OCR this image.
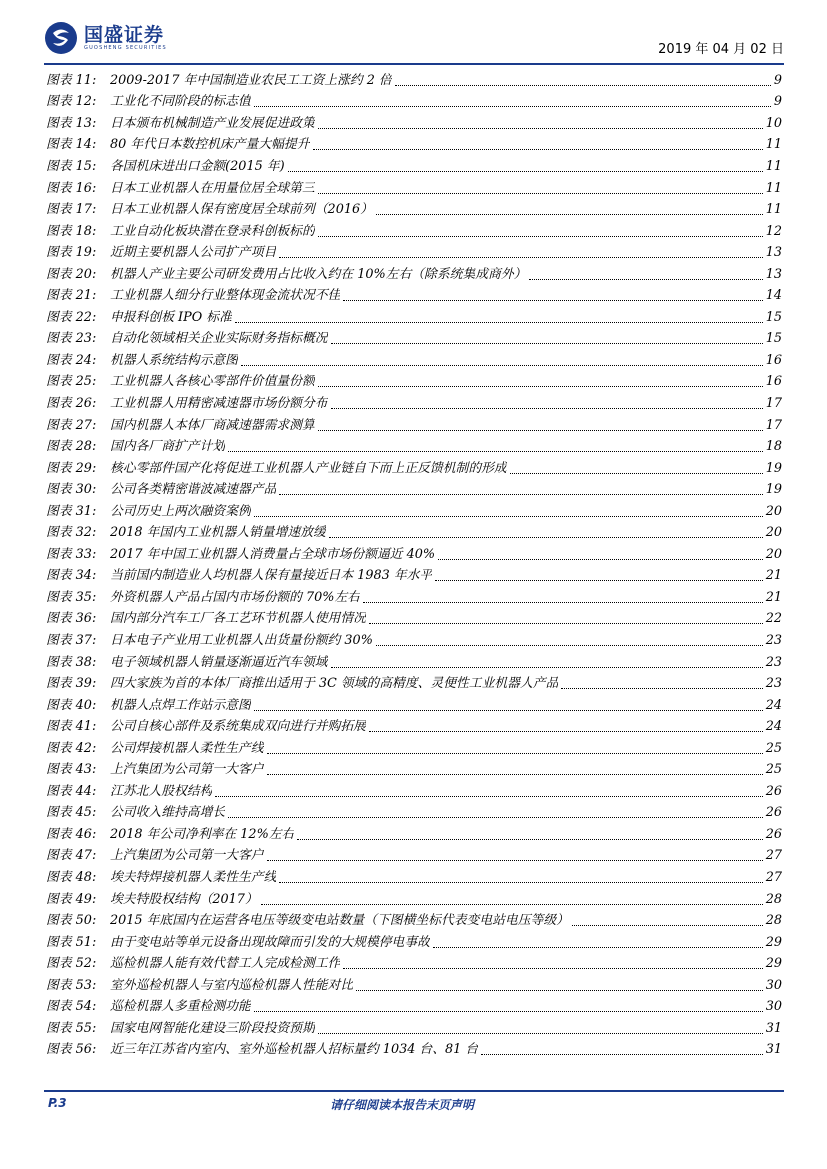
国盛证券
GUOSHENG SECURITIES	2019 年 04 月 02 日
图表 11:	2009-2017 年中国制造业农民工工资上涨约 2 倍	9
图表 12:	工业化不同阶段的标志值	9
图表 13:	日本颁布机械制造产业发展促进政策	10
图表 14:	80 年代日本数控机床产量大幅提升	11
图表 15:	各国机床进出口金额(2015 年)	11
图表 16:	日本工业机器人在用量位居全球第三	11
图表 17:	日本工业机器人保有密度居全球前列（2016）	11
图表 18:	工业自动化板块潜在登录科创板标的	12
图表 19:	近期主要机器人公司扩产项目	13
图表 20:	机器人产业主要公司研发费用占比收入约在 10%左右（除系统集成商外）	13
图表 21:	工业机器人细分行业整体现金流状况不佳	14
图表 22:	申报科创板 IPO 标准	15
图表 23:	自动化领域相关企业实际财务指标概况	15
图表 24:	机器人系统结构示意图	16
图表 25:	工业机器人各核心零部件价值量份额	16
图表 26:	工业机器人用精密减速器市场份额分布	17
图表 27:	国内机器人本体厂商减速器需求测算	17
图表 28:	国内各厂商扩产计划	18
图表 29:	核心零部件国产化将促进工业机器人产业链自下而上正反馈机制的形成	19
图表 30:	公司各类精密谐波减速器产品	19
图表 31:	公司历史上两次融资案例	20
图表 32:	2018 年国内工业机器人销量增速放缓	20
图表 33:	2017 年中国工业机器人消费量占全球市场份额逼近 40%	20
图表 34:	当前国内制造业人均机器人保有量接近日本 1983 年水平	21
图表 35:	外资机器人产品占国内市场份额的 70%左右	21
图表 36:	国内部分汽车工厂各工艺环节机器人使用情况	22
图表 37:	日本电子产业用工业机器人出货量份额约 30%	23
图表 38:	电子领域机器人销量逐渐逼近汽车领域	23
图表 39:	四大家族为首的本体厂商推出适用于 3C 领域的高精度、灵便性工业机器人产品	23
图表 40:	机器人点焊工作站示意图	24
图表 41:	公司自核心部件及系统集成双向进行并购拓展	24
图表 42:	公司焊接机器人柔性生产线	25
图表 43:	上汽集团为公司第一大客户	25
图表 44:	江苏北人股权结构	26
图表 45:	公司收入维持高增长	26
图表 46:	2018 年公司净利率在 12%左右	26
图表 47:	上汽集团为公司第一大客户	27
图表 48:	埃夫特焊接机器人柔性生产线	27
图表 49:	埃夫特股权结构（2017）	28
图表 50:	2015 年底国内在运营各电压等级变电站数量（下图横坐标代表变电站电压等级）	28
图表 51:	由于变电站等单元设备出现故障而引发的大规模停电事故	29
图表 52:	巡检机器人能有效代替工人完成检测工作	29
图表 53:	室外巡检机器人与室内巡检机器人性能对比	30
图表 54:	巡检机器人多重检测功能	30
图表 55:	国家电网智能化建设三阶段投资预期	31
图表 56:	近三年江苏省内室内、室外巡检机器人招标量约 1034 台、81 台	31
P.3	请仔细阅读本报告末页声明
